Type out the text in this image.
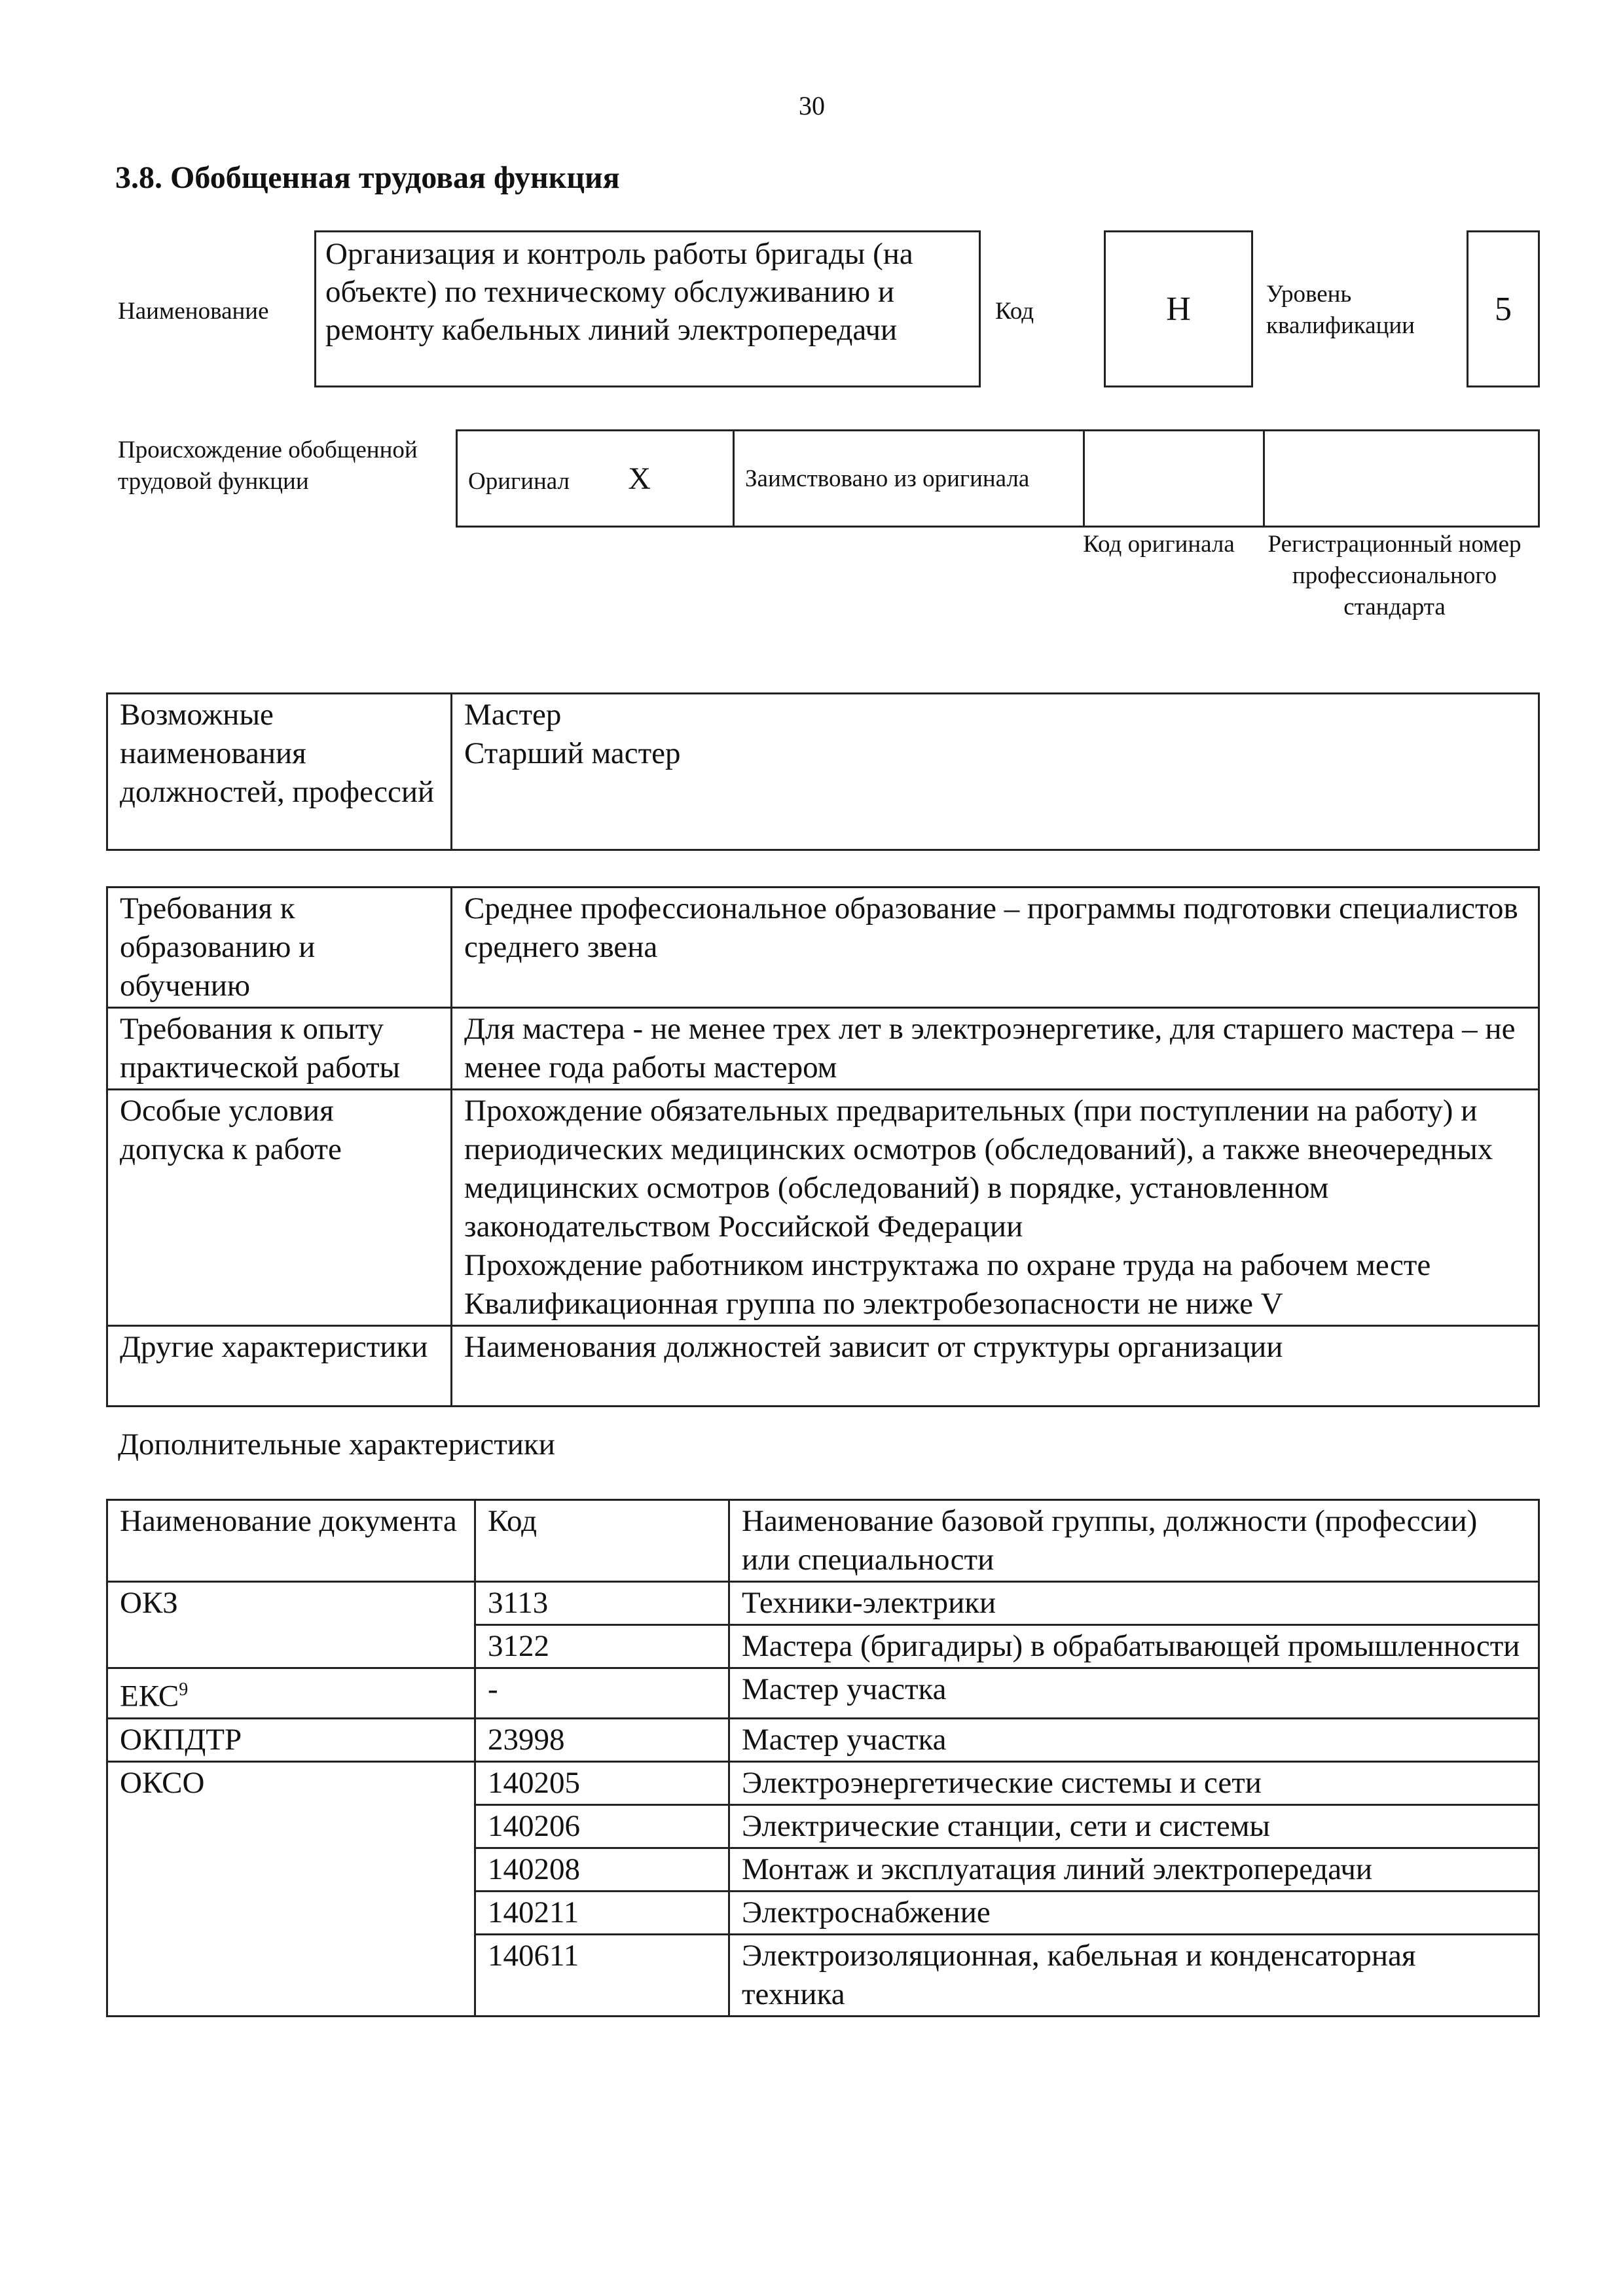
30
3.8. Обобщенная трудовая функция
Наименование
Организация и контроль работы бригады (на объекте) по техническому обслуживанию и ремонту кабельных линий электропередачи
Код	H	Уровень квалификации	5
Происхождение обобщенной трудовой функции	Оригинал X	Заимствовано из оригинала		
Код оригинала	Регистрационный номер профессионального стандарта
Возможные наименования должностей, профессий	Мастер
Старший мастер
Требования к образованию и обучению	Среднее профессиональное образование – программы подготовки специалистов среднего звена
Требования к опыту практической работы	Для мастера - не менее трех лет в электроэнергетике, для старшего мастера – не менее года работы мастером
Особые условия допуска к работе	Прохождение обязательных предварительных (при поступлении на работу) и периодических медицинских осмотров (обследований), а также внеочередных медицинских осмотров (обследований) в порядке, установленном законодательством Российской Федерации
Прохождение работником инструктажа по охране труда на рабочем месте
Квалификационная группа по электробезопасности не ниже V
Другие характеристики	Наименования должностей зависит от структуры организации
Дополнительные характеристики
Наименование документа	Код	Наименование базовой группы, должности (профессии) или специальности
ОКЗ	3113	Техники-электрики
	3122	Мастера (бригадиры) в обрабатывающей промышленности
ЕКС$^9$	-	Мастер участка
ОКПДТР	23998	Мастер участка
ОКСО	140205	Электроэнергетические системы и сети
	140206	Электрические станции, сети и системы
	140208	Монтаж и эксплуатация линий электропередачи
	140211	Электроснабжение
	140611	Электроизоляционная, кабельная и конденсаторная техника
